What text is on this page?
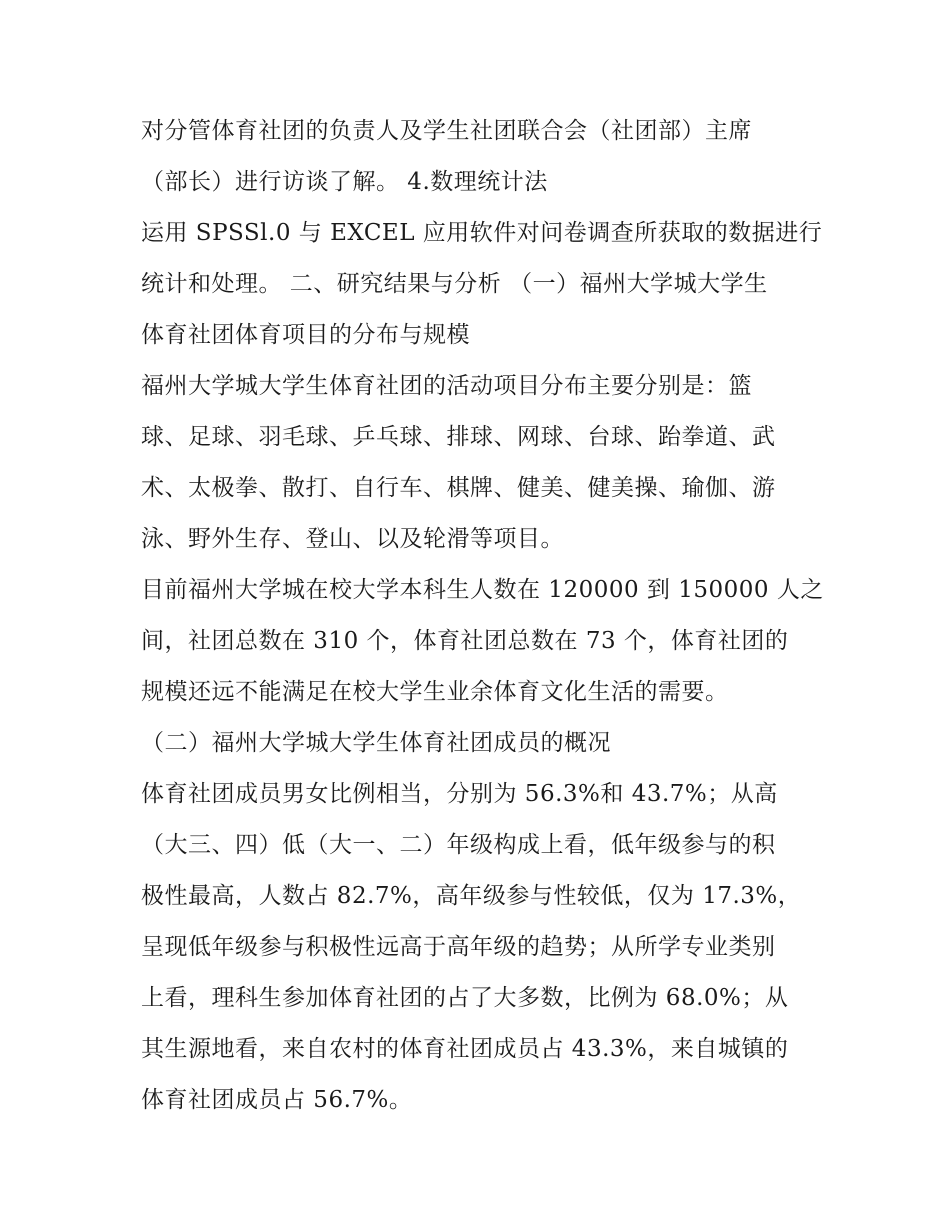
对分管体育社团的负责人及学生社团联合会（社团部）主席
（部长）进行访谈了解。 4.数理统计法
运用 SPSSl.0 与 EXCEL 应用软件对问卷调查所获取的数据进行
统计和处理。 二、研究结果与分析 （一）福州大学城大学生
体育社团体育项目的分布与规模
福州大学城大学生体育社团的活动项目分布主要分别是：篮
球、足球、羽毛球、乒乓球、排球、网球、台球、跆拳道、武
术、太极拳、散打、自行车、棋牌、健美、健美操、瑜伽、游
泳、野外生存、登山、以及轮滑等项目。
目前福州大学城在校大学本科生人数在 120000 到 150000 人之
间，社团总数在 310 个，体育社团总数在 73 个，体育社团的
规模还远不能满足在校大学生业余体育文化生活的需要。
（二）福州大学城大学生体育社团成员的概况
体育社团成员男女比例相当，分别为 56.3%和 43.7%；从高
（大三、四）低（大一、二）年级构成上看，低年级参与的积
极性最高，人数占 82.7%，高年级参与性较低，仅为 17.3%，
呈现低年级参与积极性远高于高年级的趋势；从所学专业类别
上看，理科生参加体育社团的占了大多数，比例为 68.0%；从
其生源地看，来自农村的体育社团成员占 43.3%，来自城镇的
体育社团成员占 56.7%。
